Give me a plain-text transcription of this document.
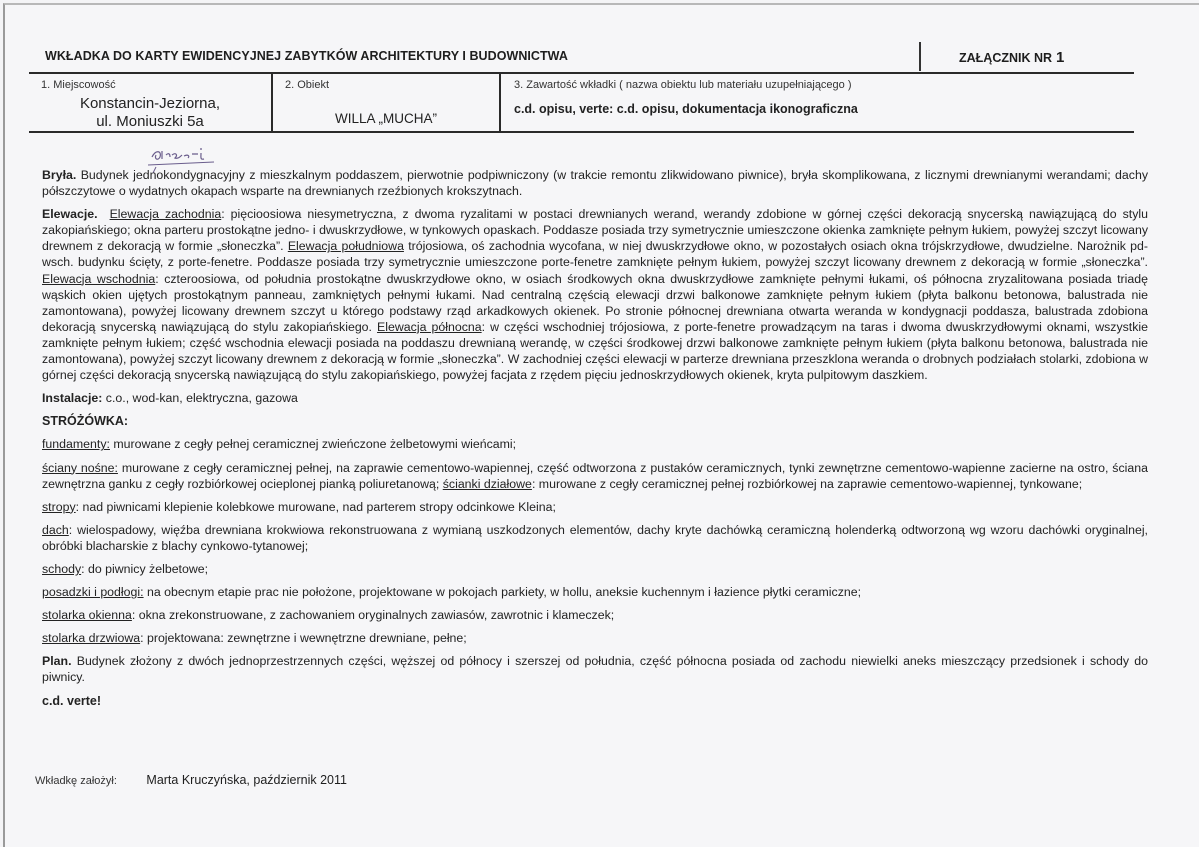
WKŁADKA DO KARTY EWIDENCYJNEJ ZABYTKÓW ARCHITEKTURY I BUDOWNICTWA	ZAŁĄCZNIK NR 1
1. Miejscowość
Konstancin-Jeziorna,
ul. Moniuszki 5a
2. Obiekt
WILLA „MUCHA”
3. Zawartość wkładki ( nazwa obiektu lub materiału uzupełniającego )
c.d. opisu, verte: c.d. opisu, dokumentacja ikonograficzna

Bryła. Budynek jednokondygnacyjny z mieszkalnym poddaszem, pierwotnie podpiwniczony (w trakcie remontu zlikwidowano piwnice), bryła skomplikowana, z licznymi drewnianymi werandami; dachy półszczytowe o wydatnych okapach wsparte na drewnianych rzeźbionych krokszytnach.

Elewacje. Elewacja zachodnia: pięcioosiowa niesymetryczna, z dwoma ryzalitami w postaci drewnianych werand, werandy zdobione w górnej części dekoracją snycerską nawiązującą do stylu zakopiańskiego; okna parteru prostokątne jedno- i dwuskrzydłowe, w tynkowych opaskach. Poddasze posiada trzy symetrycznie umieszczone okienka zamknięte pełnym łukiem, powyżej szczyt licowany drewnem z dekoracją w formie „słoneczka”. Elewacja południowa trójosiowa, oś zachodnia wycofana, w niej dwuskrzydłowe okno, w pozostałych osiach okna trójskrzydłowe, dwudzielne. Narożnik pd-wsch. budynku ścięty, z porte-fenetre. Poddasze posiada trzy symetrycznie umieszczone porte-fenetre zamknięte pełnym łukiem, powyżej szczyt licowany drewnem z dekoracją w formie „słoneczka”. Elewacja wschodnia: czteroosiowa, od południa prostokątne dwuskrzydłowe okno, w osiach środkowych okna dwuskrzydłowe zamknięte pełnymi łukami, oś północna zryzalitowana posiada triadę wąskich okien ujętych prostokątnym panneau, zamkniętych pełnymi łukami. Nad centralną częścią elewacji drzwi balkonowe zamknięte pełnym łukiem (płyta balkonu betonowa, balustrada nie zamontowana), powyżej licowany drewnem szczyt u którego podstawy rząd arkadkowych okienek. Po stronie północnej drewniana otwarta weranda w kondygnacji poddasza, balustrada zdobiona dekoracją snycerską nawiązującą do stylu zakopiańskiego. Elewacja północna: w części wschodniej trójosiowa, z porte-fenetre prowadzącym na taras i dwoma dwuskrzydłowymi oknami, wszystkie zamknięte pełnym łukiem; część wschodnia elewacji posiada na poddaszu drewnianą werandę, w części środkowej drzwi balkonowe zamknięte pełnym łukiem (płyta balkonu betonowa, balustrada nie zamontowana), powyżej szczyt licowany drewnem z dekoracją w formie „słoneczka”. W zachodniej części elewacji w parterze drewniana przeszklona weranda o drobnych podziałach stolarki, zdobiona w górnej części dekoracją snycerską nawiązującą do stylu zakopiańskiego, powyżej facjata z rzędem pięciu jednoskrzydłowych okienek, kryta pulpitowym daszkiem.

Instalacje: c.o., wod-kan, elektryczna, gazowa

STRÓŻÓWKA:

fundamenty: murowane z cegły pełnej ceramicznej zwieńczone żelbetowymi wieńcami;

ściany nośne: murowane z cegły ceramicznej pełnej, na zaprawie cementowo-wapiennej, część odtworzona z pustaków ceramicznych, tynki zewnętrzne cementowo-wapienne zacierne na ostro, ściana zewnętrzna ganku z cegły rozbiórkowej ocieplonej pianką poliuretanową; ścianki działowe: murowane z cegły ceramicznej pełnej rozbiórkowej na zaprawie cementowo-wapiennej, tynkowane;

stropy: nad piwnicami klepienie kolebkowe murowane, nad parterem stropy odcinkowe Kleina;

dach: wielospadowy, więźba drewniana krokwiowa rekonstruowana z wymianą uszkodzonych elementów, dachy kryte dachówką ceramiczną holenderką odtworzoną wg wzoru dachówki oryginalnej, obróbki blacharskie z blachy cynkowo-tytanowej;

schody: do piwnicy żelbetowe;

posadzki i podłogi: na obecnym etapie prac nie położone, projektowane w pokojach parkiety, w hollu, aneksie kuchennym i łazience płytki ceramiczne;

stolarka okienna: okna zrekonstruowane, z zachowaniem oryginalnych zawiasów, zawrotnic i klameczek;

stolarka drzwiowa: projektowana: zewnętrzne i wewnętrzne drewniane, pełne;

Plan. Budynek złożony z dwóch jednoprzestrzennych części, węższej od północy i szerszej od południa, część północna posiada od zachodu niewielki aneks mieszczący przedsionek i schody do piwnicy.

c.d. verte!

Wkładkę założył: Marta Kruczyńska, październik 2011
